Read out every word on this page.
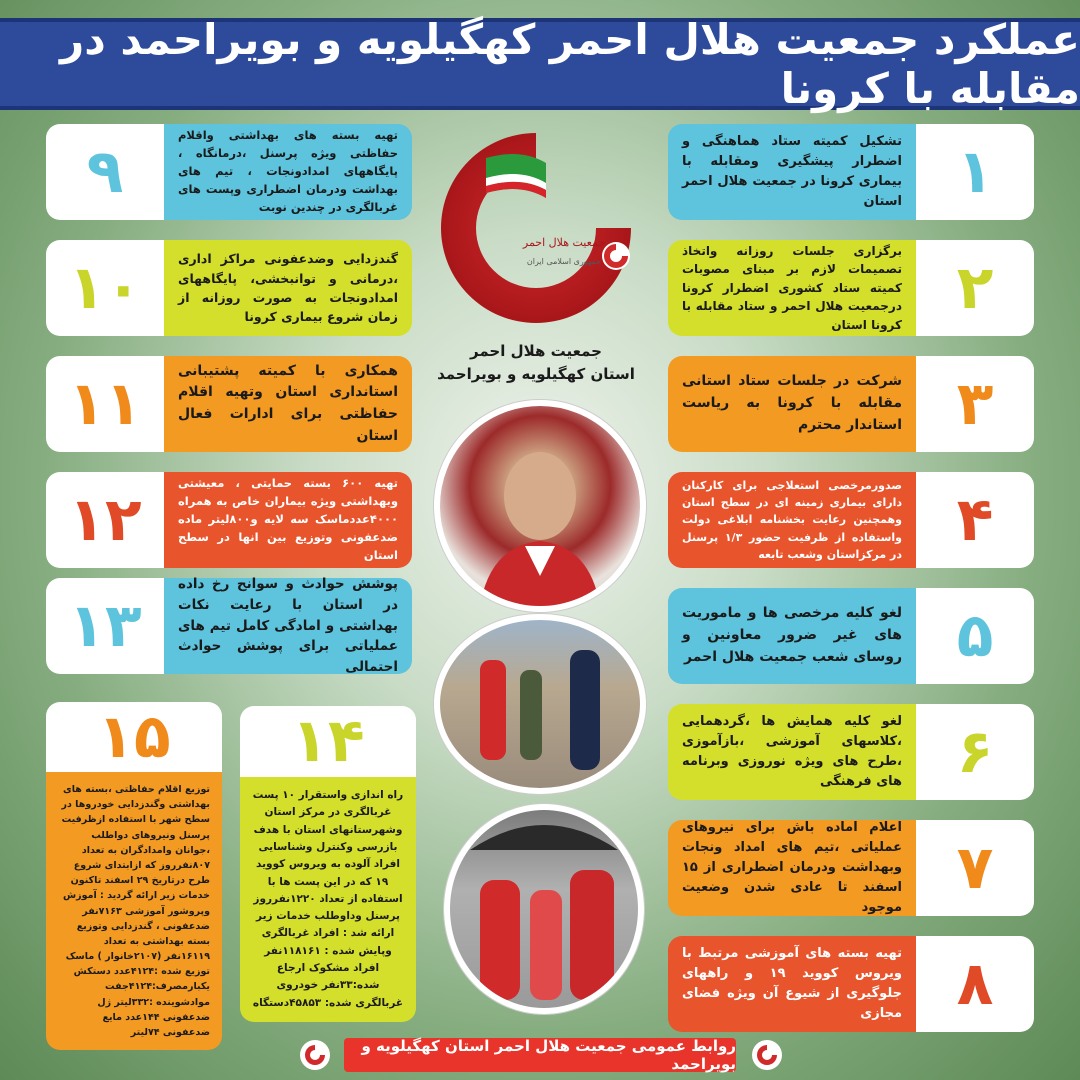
عملکرد جمعیت هلال احمر کهگیلویه و بویراحمد در مقابله با کرونا
تشکیل کمیته ستاد هماهنگی و اضطرار پیشگیری ومقابله با بیماری کرونا در جمعیت هلال احمر استان ۱
برگزاری جلسات روزانه واتخاذ تصمیمات لازم بر مبنای مصوبات کمیته ستاد کشوری اضطرار کرونا درجمعیت هلال احمر و ستاد مقابله با کرونا استان
۲
شرکت در جلسات ستاد استانی مقابله با کرونا به ریاست استاندار محترم ۳
صدورمرخصی استعلاجی برای کارکنان دارای بیماری زمینه ای در سطح استان وهمچنین رعایت بخشنامه ابلاغی دولت واستفاده از ظرفیت حضور ۱/۳ پرسنل در مرکزاستان وشعب تابعه ۴
لغو کلیه مرخصی ها و ماموریت های غیر ضرور معاونین و روسای شعب جمعیت هلال احمر ۵
لغو کلیه همایش ها ،گردهمایی ،کلاسهای آموزشی ،بازآموزی ،طرح های ویژه نوروزی وبرنامه های فرهنگی ۶
اعلام اماده باش برای نیروهای عملیاتی ،تیم های امداد ونجات وبهداشت ودرمان اضطراری از ۱۵ اسفند تا عادی شدن وضعیت موجود
۷
تهیه بسته های آموزشی مرتبط با ویروس کووید ۱۹ و راههای جلوگیری از شیوع آن ویژه فضای مجازی ۸
۹
تهیه بسته های بهداشتی واقلام حفاظتی ویژه پرسنل ،درمانگاه ، پایگاههای امدادونجات ، تیم های بهداشت ودرمان اضطراری وپست های غربالگری در چندین نوبت
۱۰	گندزدایی وضدعفونی مراکز اداری ،درمانی و توانبخشی، پایگاههای امدادونجات به صورت روزانه از زمان شروع بیماری کرونا
۱۱	همکاری با کمیته پشتیبانی استانداری استان وتهیه اقلام حفاظتی برای ادارات فعال استان
۱۲
تهیه ۶۰۰ بسته حمایتی ، معیشتی وبهداشتی ویژه بیماران خاص به همراه ۴۰۰۰عددماسک سه لایه و۸۰۰لیتر ماده ضدعفونی وتوزیع بین انها در سطح استان
۱۳
پوشش حوادث و سوانح رخ داده در استان با رعایت نکات بهداشتی و امادگی کامل تیم های عملیاتی برای پوشش حوادث احتمالی
۱۵
توزیع اقلام حفاظتی ،بسته های بهداشتی وگندزدایی خودروها در سطح شهر با استفاده ازظرفیت پرسنل ونیروهای دواطلب ،جوانان وامدادگران به تعداد ۸۰۷نفرروز که ازابتدای شروع طرح درتاریخ ۲۹ اسفند تاکنون خدمات زیر ارائه گردید : آموزش وپروشور آموزشی ۷۱۶۳نفر ضدعفونی ، گندزدایی وتوزیع بسته بهداشتی به تعداد ۱۶۱۱۹نفر (۲۱۰۷خانوار ) ماسک توزیع شده :۴۱۲۴عدد دستکش یکبارمصرف:۴۱۲۴جفت موادشوینده :۳۳۲لیتر ژل ضدعفونی ۱۴۴عدد مایع ضدعفونی ۷۴لیتر
۱۴
راه اندازی واستقرار ۱۰ پست غربالگری در مرکز استان وشهرستانهای استان با هدف بازرسی وکنترل وشناسایی افراد آلوده به ویروس کووید ۱۹ که در این پست ها با استفاده از تعداد ۱۲۲۰نفرروز پرسنل وداوطلب خدمات زیر ارائه شد : افراد غربالگری وپایش شده : ۱۱۸۱۶۱نفر افراد مشکوک ارجاع شده:۳۳نفر خودروی غربالگری شده: ۴۵۸۵۳دستگاه
جمعیت هلال احمر
جمهوری اسلامی ایران
جمعیت هلال احمر
استان کهگیلویه و بویراحمد
روابط عمومی جمعیت هلال احمر استان کهگیلویه و بویراحمد
